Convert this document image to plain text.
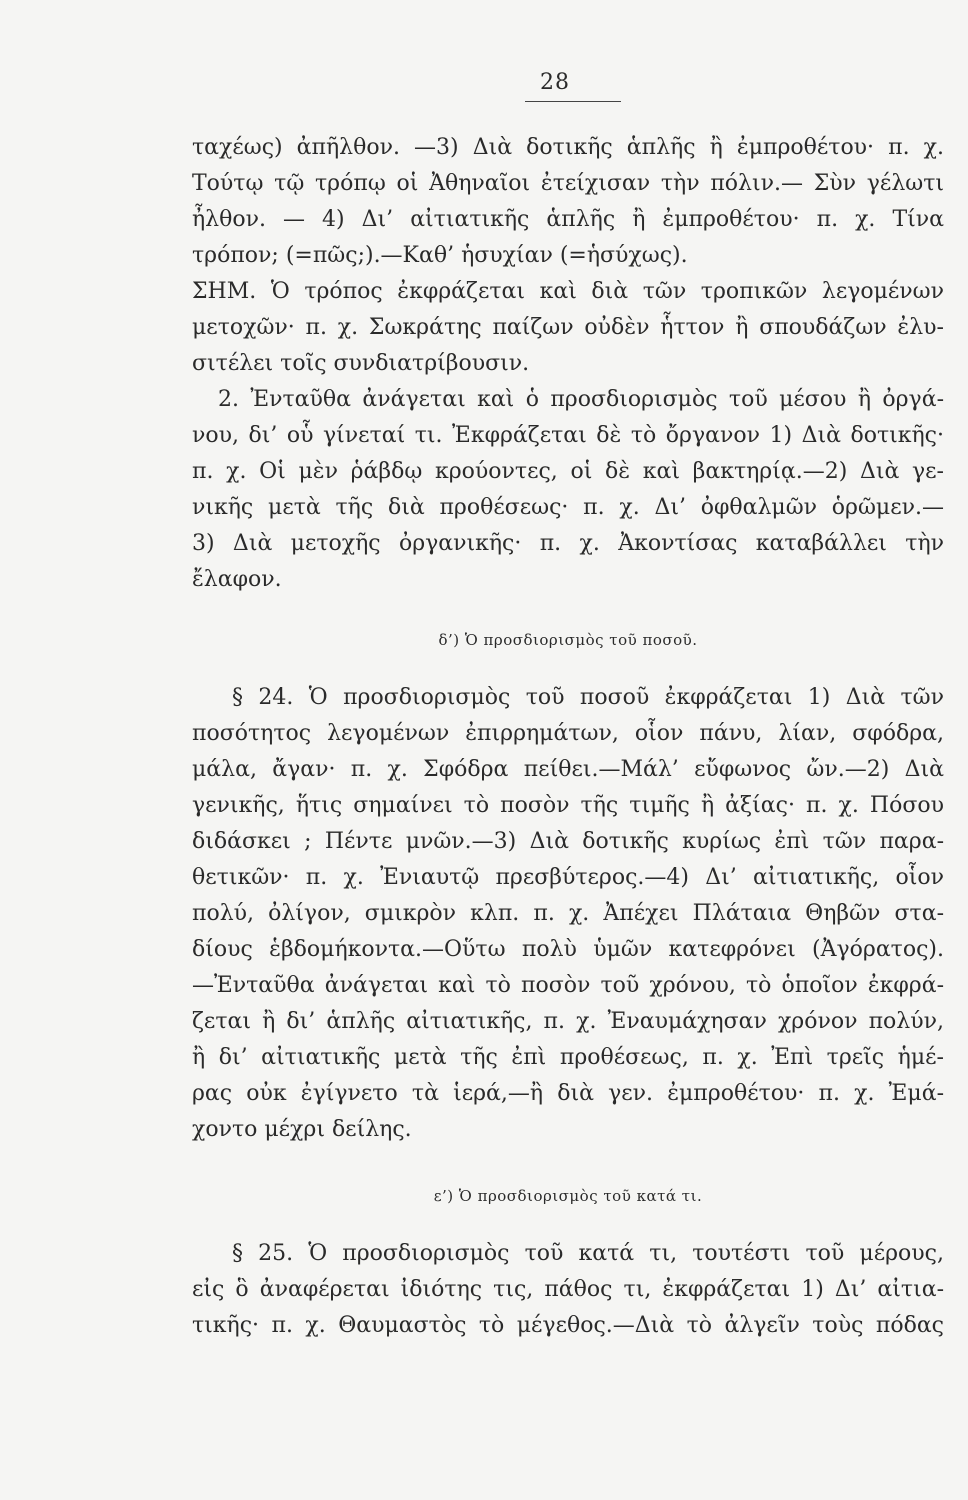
28
ταχέως) ἀπῆλθον. —3) Διὰ δοτικῆς ἁπλῆς ἢ ἐμπροθέτου· π. χ.
Τούτῳ τῷ τρόπῳ οἱ Ἀθηναῖοι ἐτείχισαν τὴν πόλιν.— Σὺν γέλωτι
ἦλθον. — 4) Δι’ αἰτιατικῆς ἁπλῆς ἢ ἐμπροθέτου· π. χ. Τίνα
τρόπον; (=πῶς;).—Καθ’ ἡσυχίαν (=ἡσύχως).
ΣΗΜ. Ὁ τρόπος ἐκφράζεται καὶ διὰ τῶν τροπικῶν λεγομένων
μετοχῶν· π. χ. Σωκράτης παίζων οὐδὲν ἧττον ἢ σπουδάζων ἐλυ-
σιτέλει τοῖς συνδιατρίβουσιν.
2. Ἐνταῦθα ἀνάγεται καὶ ὁ προσδιορισμὸς τοῦ μέσου ἢ ὀργά-
νου, δι’ οὗ γίνεταί τι. Ἐκφράζεται δὲ τὸ ὄργανον 1) Διὰ δοτικῆς·
π. χ. Οἱ μὲν ῥάβδῳ κρούοντες, οἱ δὲ καὶ βακτηρίᾳ.—2) Διὰ γε-
νικῆς μετὰ τῆς διὰ προθέσεως· π. χ. Δι’ ὀφθαλμῶν ὁρῶμεν.—
3) Διὰ μετοχῆς ὀργανικῆς· π. χ. Ἀκοντίσας καταβάλλει τὴν
ἔλαφον.
δ’) Ὁ προσδιορισμὸς τοῦ ποσοῦ.
§ 24. Ὁ προσδιορισμὸς τοῦ ποσοῦ ἐκφράζεται 1) Διὰ τῶν
ποσότητος λεγομένων ἐπιρρημάτων, οἷον πάνυ, λίαν, σφόδρα,
μάλα, ἄγαν· π. χ. Σφόδρα πείθει.—Μάλ’ εὔφωνος ὤν.—2) Διὰ
γενικῆς, ἥτις σημαίνει τὸ ποσὸν τῆς τιμῆς ἢ ἀξίας· π. χ. Πόσου
διδάσκει ; Πέντε μνῶν.—3) Διὰ δοτικῆς κυρίως ἐπὶ τῶν παρα-
θετικῶν· π. χ. Ἐνιαυτῷ πρεσβύτερος.—4) Δι’ αἰτιατικῆς, οἷον
πολύ, ὀλίγον, σμικρὸν κλπ. π. χ. Ἀπέχει Πλάταια Θηβῶν στα-
δίους ἑβδομήκοντα.—Οὕτω πολὺ ὑμῶν κατεφρόνει (Ἀγόρατος).
—Ἐνταῦθα ἀνάγεται καὶ τὸ ποσὸν τοῦ χρόνου, τὸ ὁποῖον ἐκφρά-
ζεται ἢ δι’ ἁπλῆς αἰτιατικῆς, π. χ. Ἐναυμάχησαν χρόνον πολύν,
ἢ δι’ αἰτιατικῆς μετὰ τῆς ἐπὶ προθέσεως, π. χ. Ἐπὶ τρεῖς ἡμέ-
ρας οὐκ ἐγίγνετο τὰ ἱερά,—ἢ διὰ γεν. ἐμπροθέτου· π. χ. Ἐμά-
χοντο μέχρι δείλης.
ε’) Ὁ προσδιορισμὸς τοῦ κατά τι.
§ 25. Ὁ προσδιορισμὸς τοῦ κατά τι, τουτέστι τοῦ μέρους,
εἰς ὃ ἀναφέρεται ἰδιότης τις, πάθος τι, ἐκφράζεται 1) Δι’ αἰτια-
τικῆς· π. χ. Θαυμαστὸς τὸ μέγεθος.—Διὰ τὸ ἀλγεῖν τοὺς πόδας
